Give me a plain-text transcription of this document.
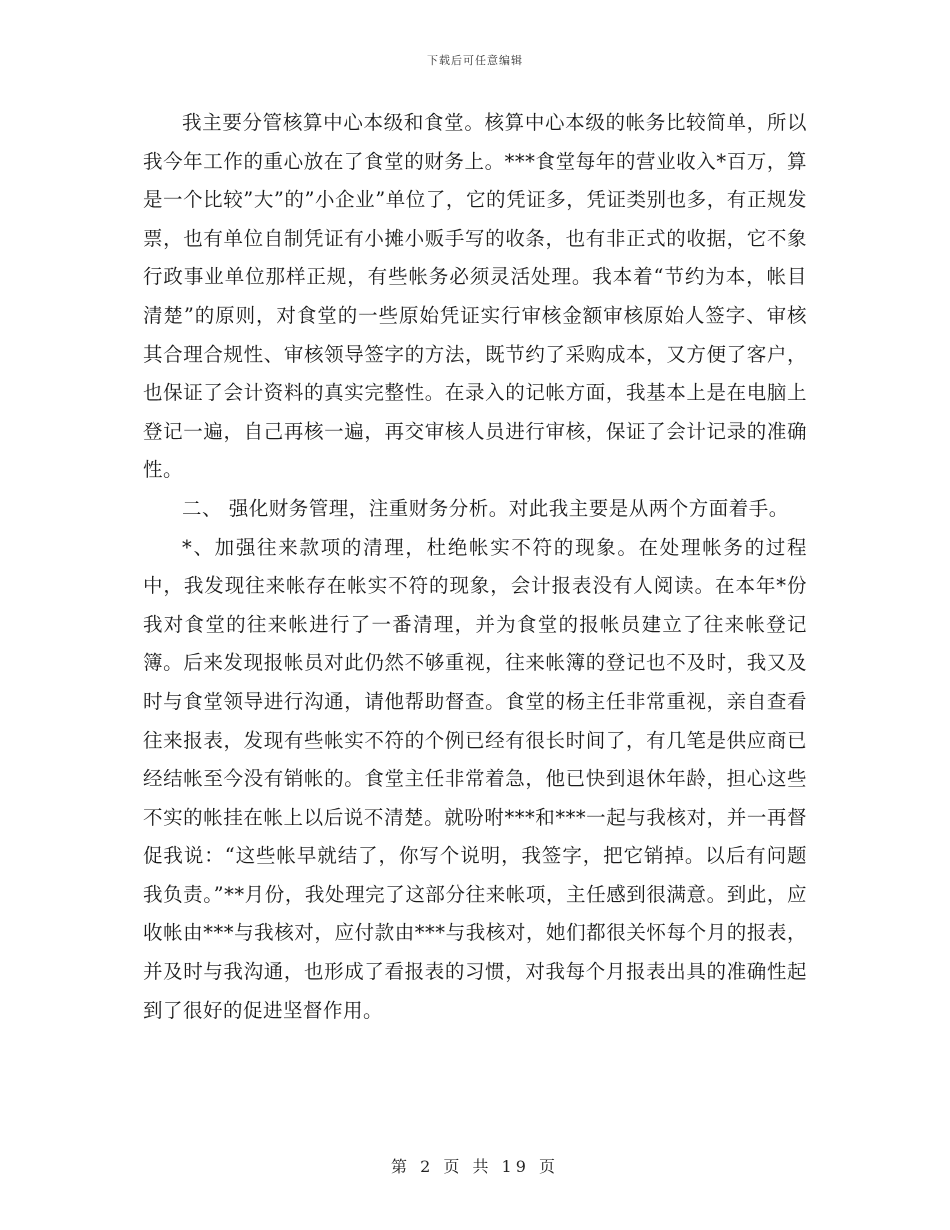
下载后可任意编辑

我主要分管核算中心本级和食堂。核算中心本级的帐务比较简单，所以我今年工作的重心放在了食堂的财务上。***食堂每年的营业收入*百万，算是一个比较”大”的”小企业”单位了，它的凭证多，凭证类别也多，有正规发票，也有单位自制凭证有小摊小贩手写的收条，也有非正式的收据，它不象行政事业单位那样正规，有些帐务必须灵活处理。我本着“节约为本，帐目清楚”的原则，对食堂的一些原始凭证实行审核金额审核原始人签字、审核其合理合规性、审核领导签字的方法，既节约了采购成本，又方便了客户，也保证了会计资料的真实完整性。在录入的记帐方面，我基本上是在电脑上登记一遍，自己再核一遍，再交审核人员进行审核，保证了会计记录的准确性。

二、 强化财务管理，注重财务分析。对此我主要是从两个方面着手。

*、加强往来款项的清理，杜绝帐实不符的现象。在处理帐务的过程中，我发现往来帐存在帐实不符的现象，会计报表没有人阅读。在本年*份我对食堂的往来帐进行了一番清理，并为食堂的报帐员建立了往来帐登记簿。后来发现报帐员对此仍然不够重视，往来帐簿的登记也不及时，我又及时与食堂领导进行沟通，请他帮助督查。食堂的杨主任非常重视，亲自查看往来报表，发现有些帐实不符的个例已经有很长时间了，有几笔是供应商已经结帐至今没有销帐的。食堂主任非常着急，他已快到退休年龄，担心这些不实的帐挂在帐上以后说不清楚。就吩咐***和***一起与我核对，并一再督促我说：“这些帐早就结了，你写个说明，我签字，把它销掉。以后有问题我负责。”**月份，我处理完了这部分往来帐项，主任感到很满意。到此，应收帐由***与我核对，应付款由***与我核对，她们都很关怀每个月的报表，并及时与我沟通，也形成了看报表的习惯，对我每个月报表出具的准确性起到了很好的促进坚督作用。

第 2 页 共 19 页
